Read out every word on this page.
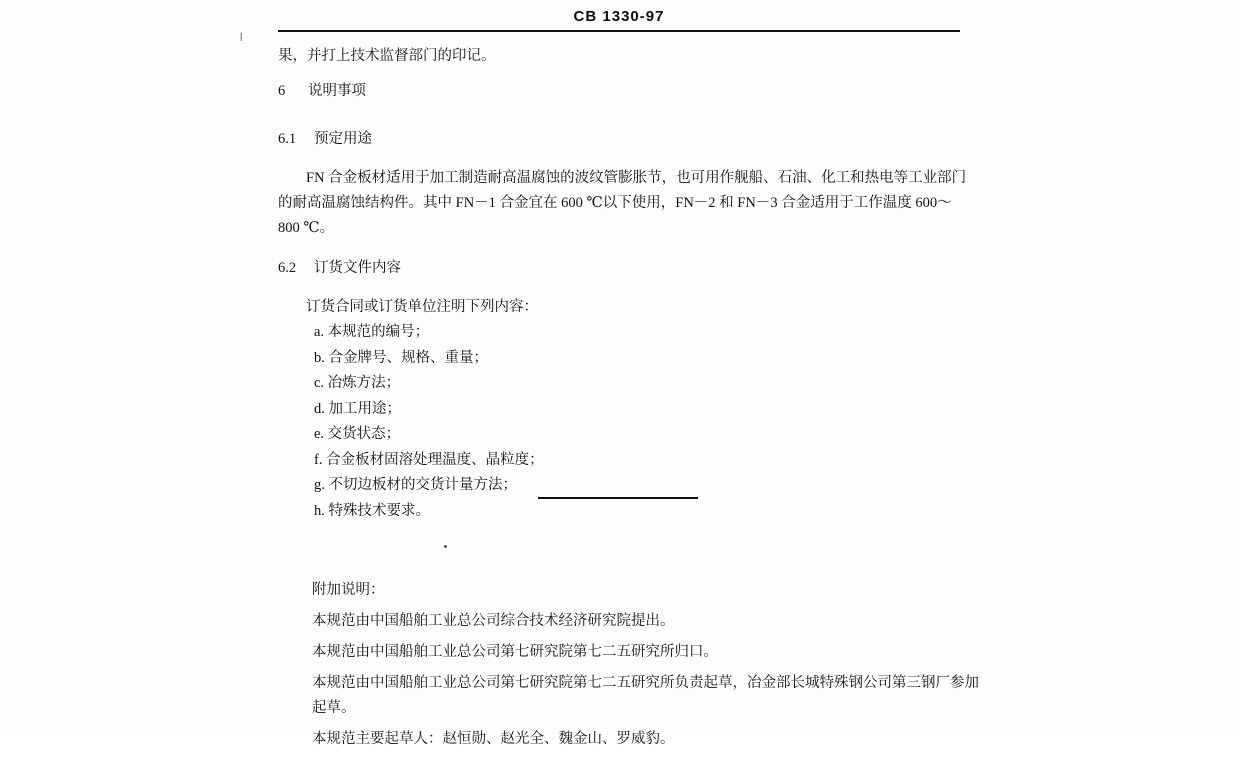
|
CB 1330-97

果，并打上技术监督部门的印记。

6 说明事项

6.1 预定用途

FN 合金板材适用于加工制造耐高温腐蚀的波纹管膨胀节，也可用作舰船、石油、化工和热电等工业部门的耐高温腐蚀结构件。其中 FN－1 合金宜在 600 ℃以下使用，FN－2 和 FN－3 合金适用于工作温度 600～800 ℃。

6.2 订货文件内容

订货合同或订货单位注明下列内容：

a. 本规范的编号；
b. 合金牌号、规格、重量；
c. 冶炼方法；
d. 加工用途；
e. 交货状态；
f. 合金板材固溶处理温度、晶粒度；
g. 不切边板材的交货计量方法；
h. 特殊技术要求。

附加说明：

本规范由中国船舶工业总公司综合技术经济研究院提出。

本规范由中国船舶工业总公司第七研究院第七二五研究所归口。

本规范由中国船舶工业总公司第七研究院第七二五研究所负责起草，冶金部长城特殊钢公司第三钢厂参加起草。

本规范主要起草人：赵恒勋、赵光全、魏金山、罗威豹。
